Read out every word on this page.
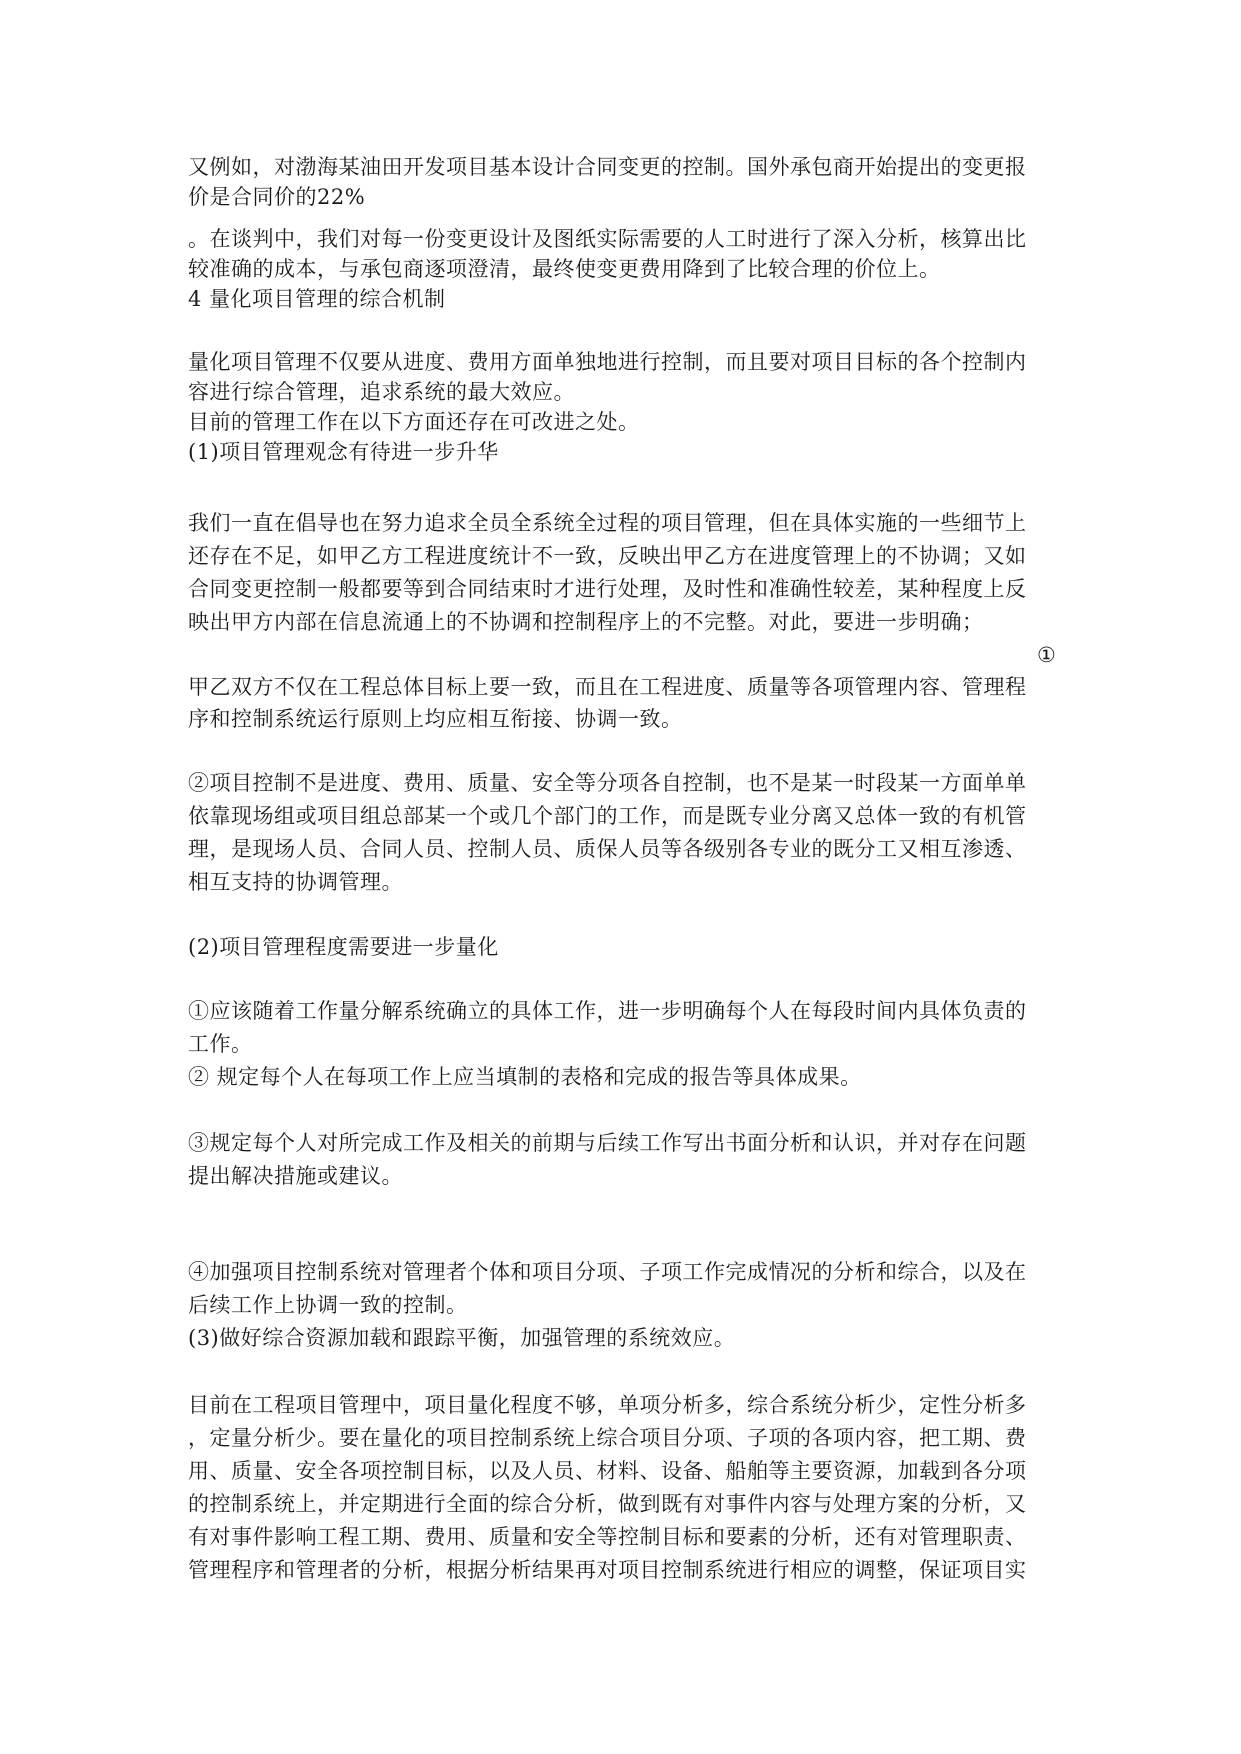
又例如，对渤海某油田开发项目基本设计合同变更的控制。国外承包商开始提出的变更报
价是合同价的22%
。在谈判中，我们对每一份变更设计及图纸实际需要的人工时进行了深入分析，核算出比
较准确的成本，与承包商逐项澄清，最终使变更费用降到了比较合理的价位上。
4 量化项目管理的综合机制
量化项目管理不仅要从进度、费用方面单独地进行控制，而且要对项目目标的各个控制内
容进行综合管理，追求系统的最大效应。
目前的管理工作在以下方面还存在可改进之处。
(1)项目管理观念有待进一步升华
我们一直在倡导也在努力追求全员全系统全过程的项目管理，但在具体实施的一些细节上
还存在不足，如甲乙方工程进度统计不一致，反映出甲乙方在进度管理上的不协调；又如
合同变更控制一般都要等到合同结束时才进行处理，及时性和准确性较差，某种程度上反
映出甲方内部在信息流通上的不协调和控制程序上的不完整。对此，要进一步明确；
①
甲乙双方不仅在工程总体目标上要一致，而且在工程进度、质量等各项管理内容、管理程
序和控制系统运行原则上均应相互衔接、协调一致。
②项目控制不是进度、费用、质量、安全等分项各自控制，也不是某一时段某一方面单单
依靠现场组或项目组总部某一个或几个部门的工作，而是既专业分离又总体一致的有机管
理，是现场人员、合同人员、控制人员、质保人员等各级别各专业的既分工又相互渗透、
相互支持的协调管理。
(2)项目管理程度需要进一步量化
①应该随着工作量分解系统确立的具体工作，进一步明确每个人在每段时间内具体负责的
工作。
② 规定每个人在每项工作上应当填制的表格和完成的报告等具体成果。
③规定每个人对所完成工作及相关的前期与后续工作写出书面分析和认识，并对存在问题
提出解决措施或建议。
④加强项目控制系统对管理者个体和项目分项、子项工作完成情况的分析和综合，以及在
后续工作上协调一致的控制。
(3)做好综合资源加载和跟踪平衡，加强管理的系统效应。
目前在工程项目管理中，项目量化程度不够，单项分析多，综合系统分析少，定性分析多
，定量分析少。要在量化的项目控制系统上综合项目分项、子项的各项内容，把工期、费
用、质量、安全各项控制目标，以及人员、材料、设备、船舶等主要资源，加载到各分项
的控制系统上，并定期进行全面的综合分析，做到既有对事件内容与处理方案的分析，又
有对事件影响工程工期、费用、质量和安全等控制目标和要素的分析，还有对管理职责、
管理程序和管理者的分析，根据分析结果再对项目控制系统进行相应的调整，保证项目实
